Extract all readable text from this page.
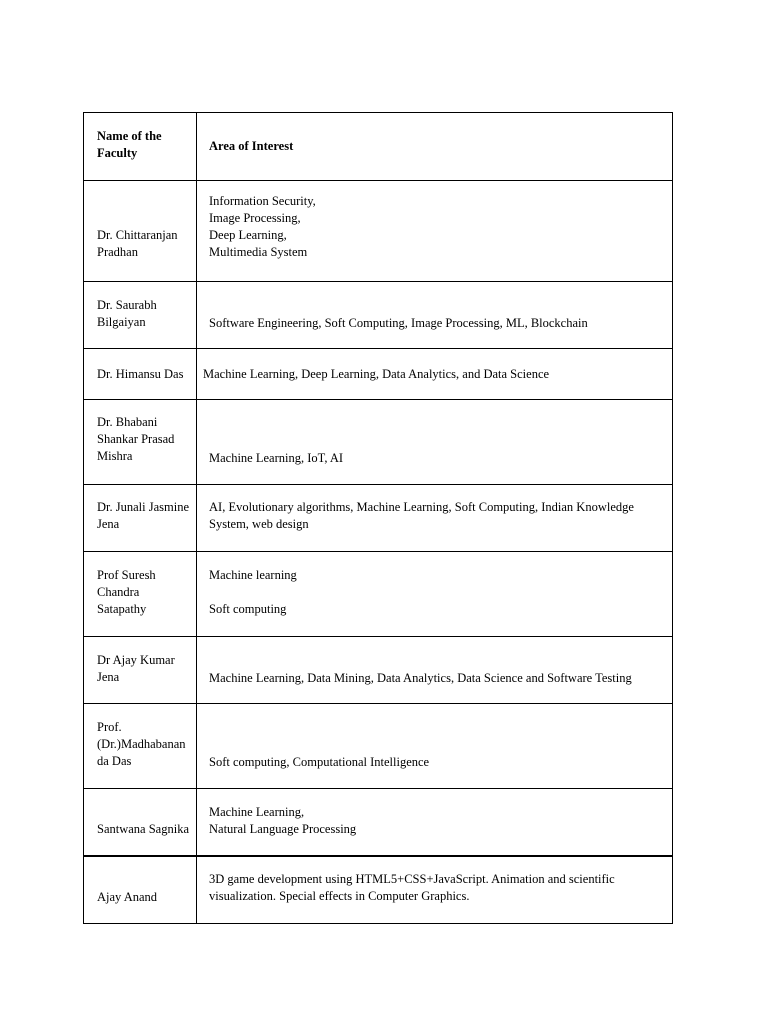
Name of the
Faculty	Area of Interest

Dr. Chittaranjan
Pradhan	Information Security,
Image Processing,
Deep Learning,
Multimedia System

Dr. Saurabh
Bilgaiyan	Software Engineering, Soft Computing, Image Processing, ML, Blockchain

Dr. Himansu Das	Machine Learning, Deep Learning, Data Analytics, and Data Science

Dr. Bhabani
Shankar Prasad
Mishra	Machine Learning, IoT, AI

Dr. Junali Jasmine
Jena	AI, Evolutionary algorithms, Machine Learning, Soft Computing, Indian Knowledge
System, web design

Prof Suresh
Chandra
Satapathy	Machine learning
Soft computing

Dr Ajay Kumar
Jena	Machine Learning, Data Mining, Data Analytics, Data Science and Software Testing

Prof.
(Dr.)Madhabanan
da Das	Soft computing, Computational Intelligence

Santwana Sagnika	Machine Learning,
Natural Language Processing

Ajay Anand	3D game development using HTML5+CSS+JavaScript. Animation and scientific
visualization. Special effects in Computer Graphics.
